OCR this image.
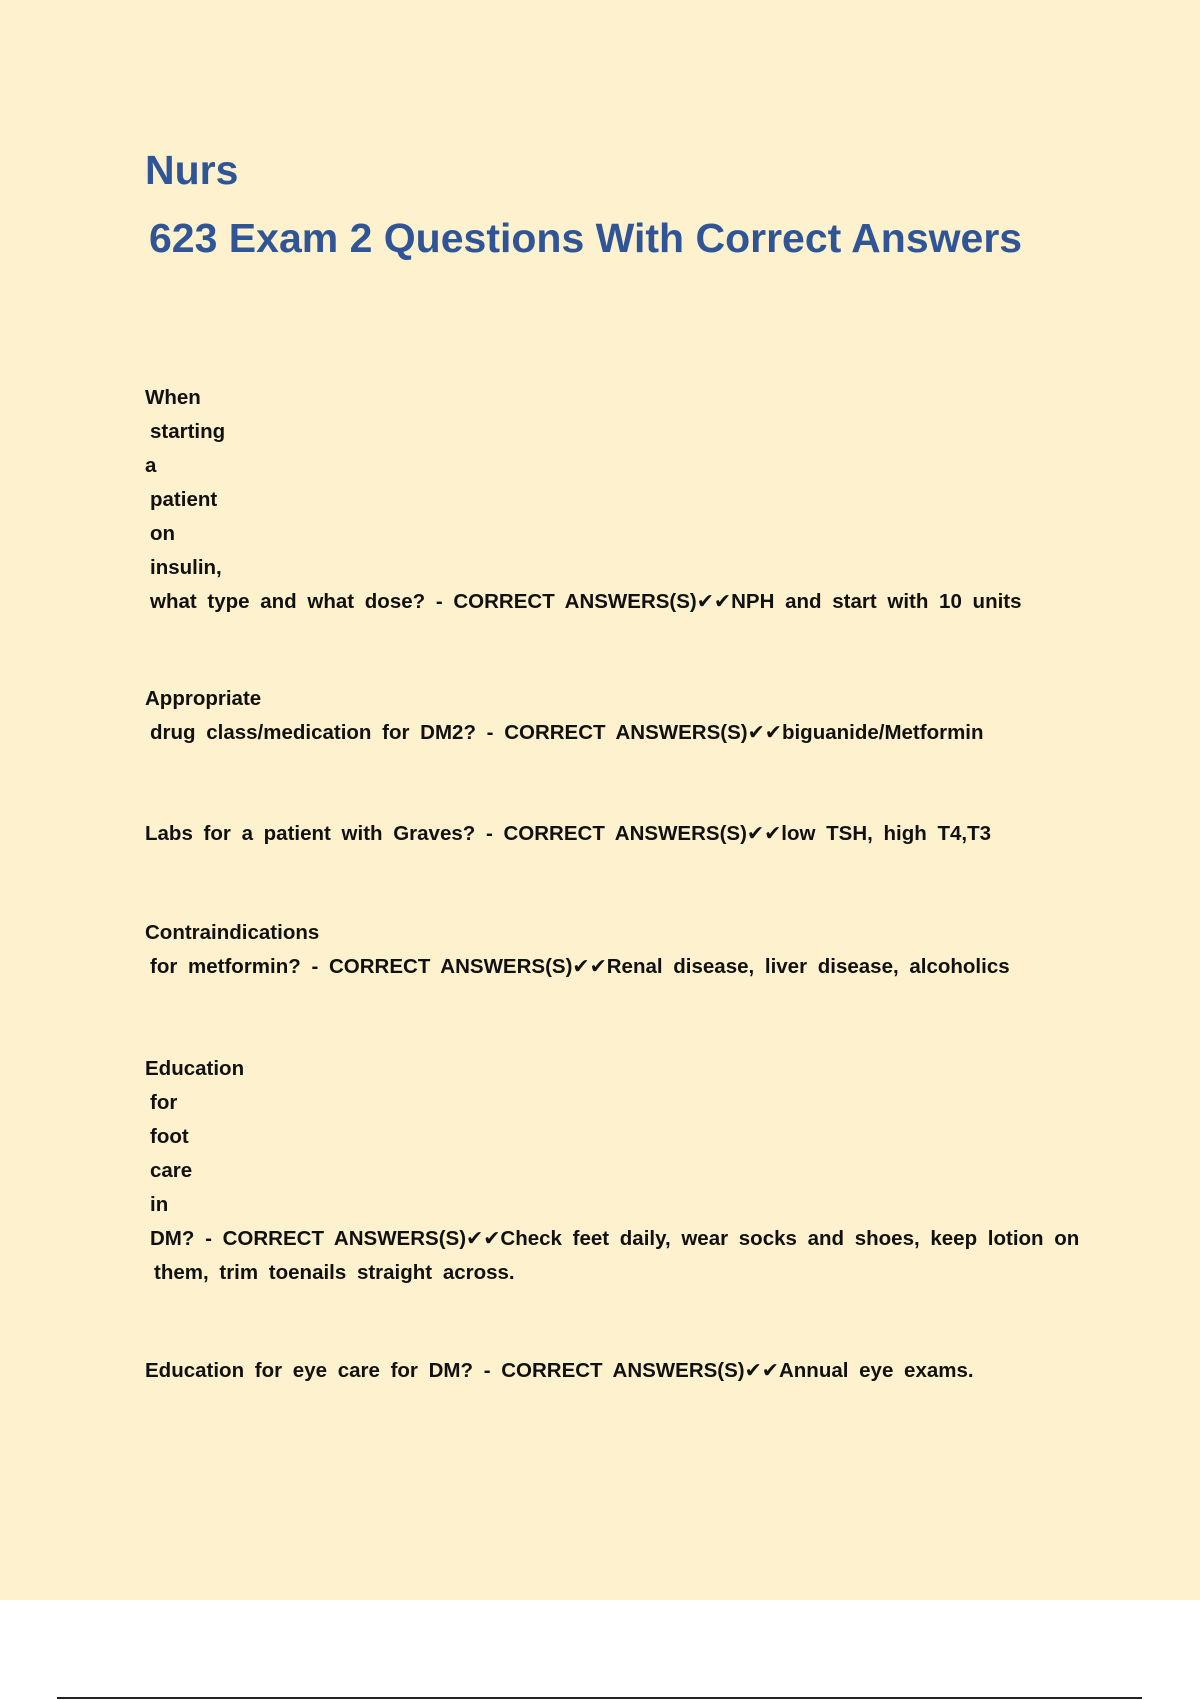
Nurs
623 Exam 2 Questions With Correct Answers
When
starting
a
patient
on
insulin,
what type and what dose? - CORRECT ANSWERS(S)✔✔NPH and start with 10 units
Appropriate
drug class/medication for DM2? - CORRECT ANSWERS(S)✔✔biguanide/Metformin
Labs for a patient with Graves? - CORRECT ANSWERS(S)✔✔low TSH, high T4,T3
Contraindications
for metformin? - CORRECT ANSWERS(S)✔✔Renal disease, liver disease, alcoholics
Education
for
foot
care
in
DM? - CORRECT ANSWERS(S)✔✔Check feet daily, wear socks and shoes, keep lotion on
them, trim toenails straight across.
Education for eye care for DM? - CORRECT ANSWERS(S)✔✔Annual eye exams.
